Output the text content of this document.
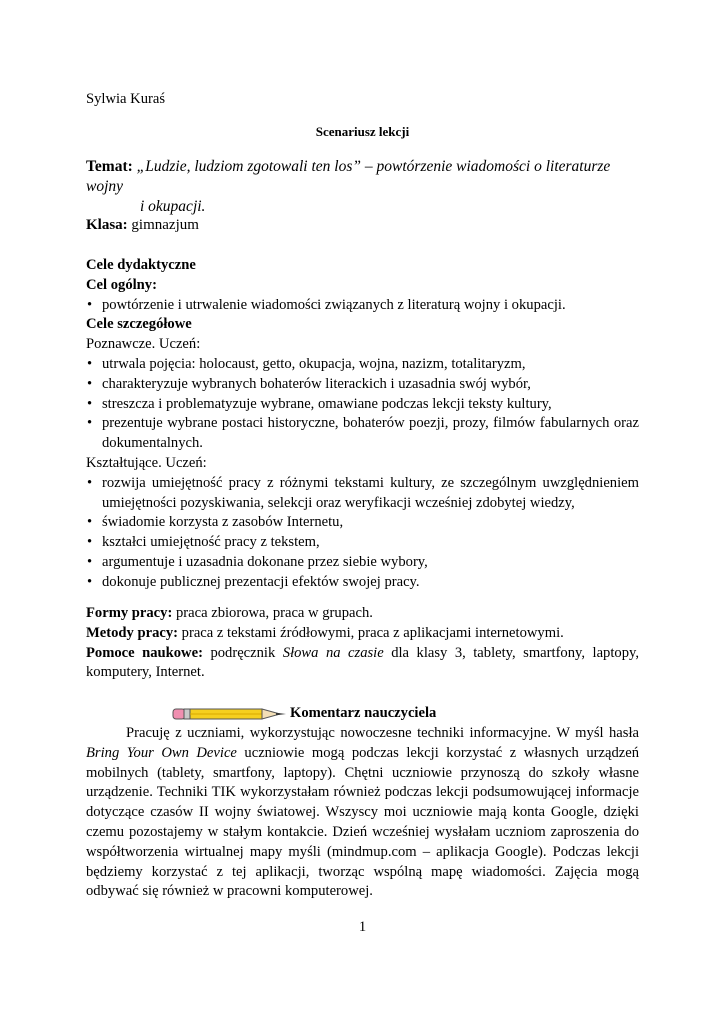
Sylwia Kuraś
Scenariusz lekcji
Temat: „Ludzie, ludziom zgotowali ten los” – powtórzenie wiadomości o literaturze wojny
i okupacji.
Klasa: gimnazjum
Cele dydaktyczne
Cel ogólny:
• powtórzenie i utrwalenie wiadomości związanych z literaturą wojny i okupacji.
Cele szczegółowe
Poznawcze. Uczeń:
• utrwala pojęcia: holocaust, getto, okupacja, wojna, nazizm, totalitaryzm,
• charakteryzuje wybranych bohaterów literackich i uzasadnia swój wybór,
• streszcza i problematyzuje wybrane, omawiane podczas lekcji teksty kultury,
• prezentuje wybrane postaci historyczne, bohaterów poezji, prozy, filmów fabularnych oraz dokumentalnych.
Kształtujące. Uczeń:
• rozwija umiejętność pracy z różnymi tekstami kultury, ze szczególnym uwzględnieniem umiejętności pozyskiwania, selekcji oraz weryfikacji wcześniej zdobytej wiedzy,
• świadomie korzysta z zasobów Internetu,
• kształci umiejętność pracy z tekstem,
• argumentuje i uzasadnia dokonane przez siebie wybory,
• dokonuje publicznej prezentacji efektów swojej pracy.
Formy pracy: praca zbiorowa, praca w grupach.
Metody pracy: praca z tekstami źródłowymi, praca z aplikacjami internetowymi.
Pomoce naukowe: podręcznik Słowa na czasie dla klasy 3, tablety, smartfony, laptopy, komputery, Internet.
Komentarz nauczyciela

Pracuję z uczniami, wykorzystując nowoczesne techniki informacyjne. W myśl hasła Bring Your Own Device uczniowie mogą podczas lekcji korzystać z własnych urządzeń mobilnych (tablety, smartfony, laptopy). Chętni uczniowie przynoszą do szkoły własne urządzenie. Techniki TIK wykorzystałam również podczas lekcji podsumowującej informacje dotyczące czasów II wojny światowej. Wszyscy moi uczniowie mają konta Google, dzięki czemu pozostajemy w stałym kontakcie. Dzień wcześniej wysłałam uczniom zaproszenia do współtworzenia wirtualnej mapy myśli (mindmup.com – aplikacja Google). Podczas lekcji będziemy korzystać z tej aplikacji, tworząc wspólną mapę wiadomości. Zajęcia mogą odbywać się również w pracowni komputerowej.

1
